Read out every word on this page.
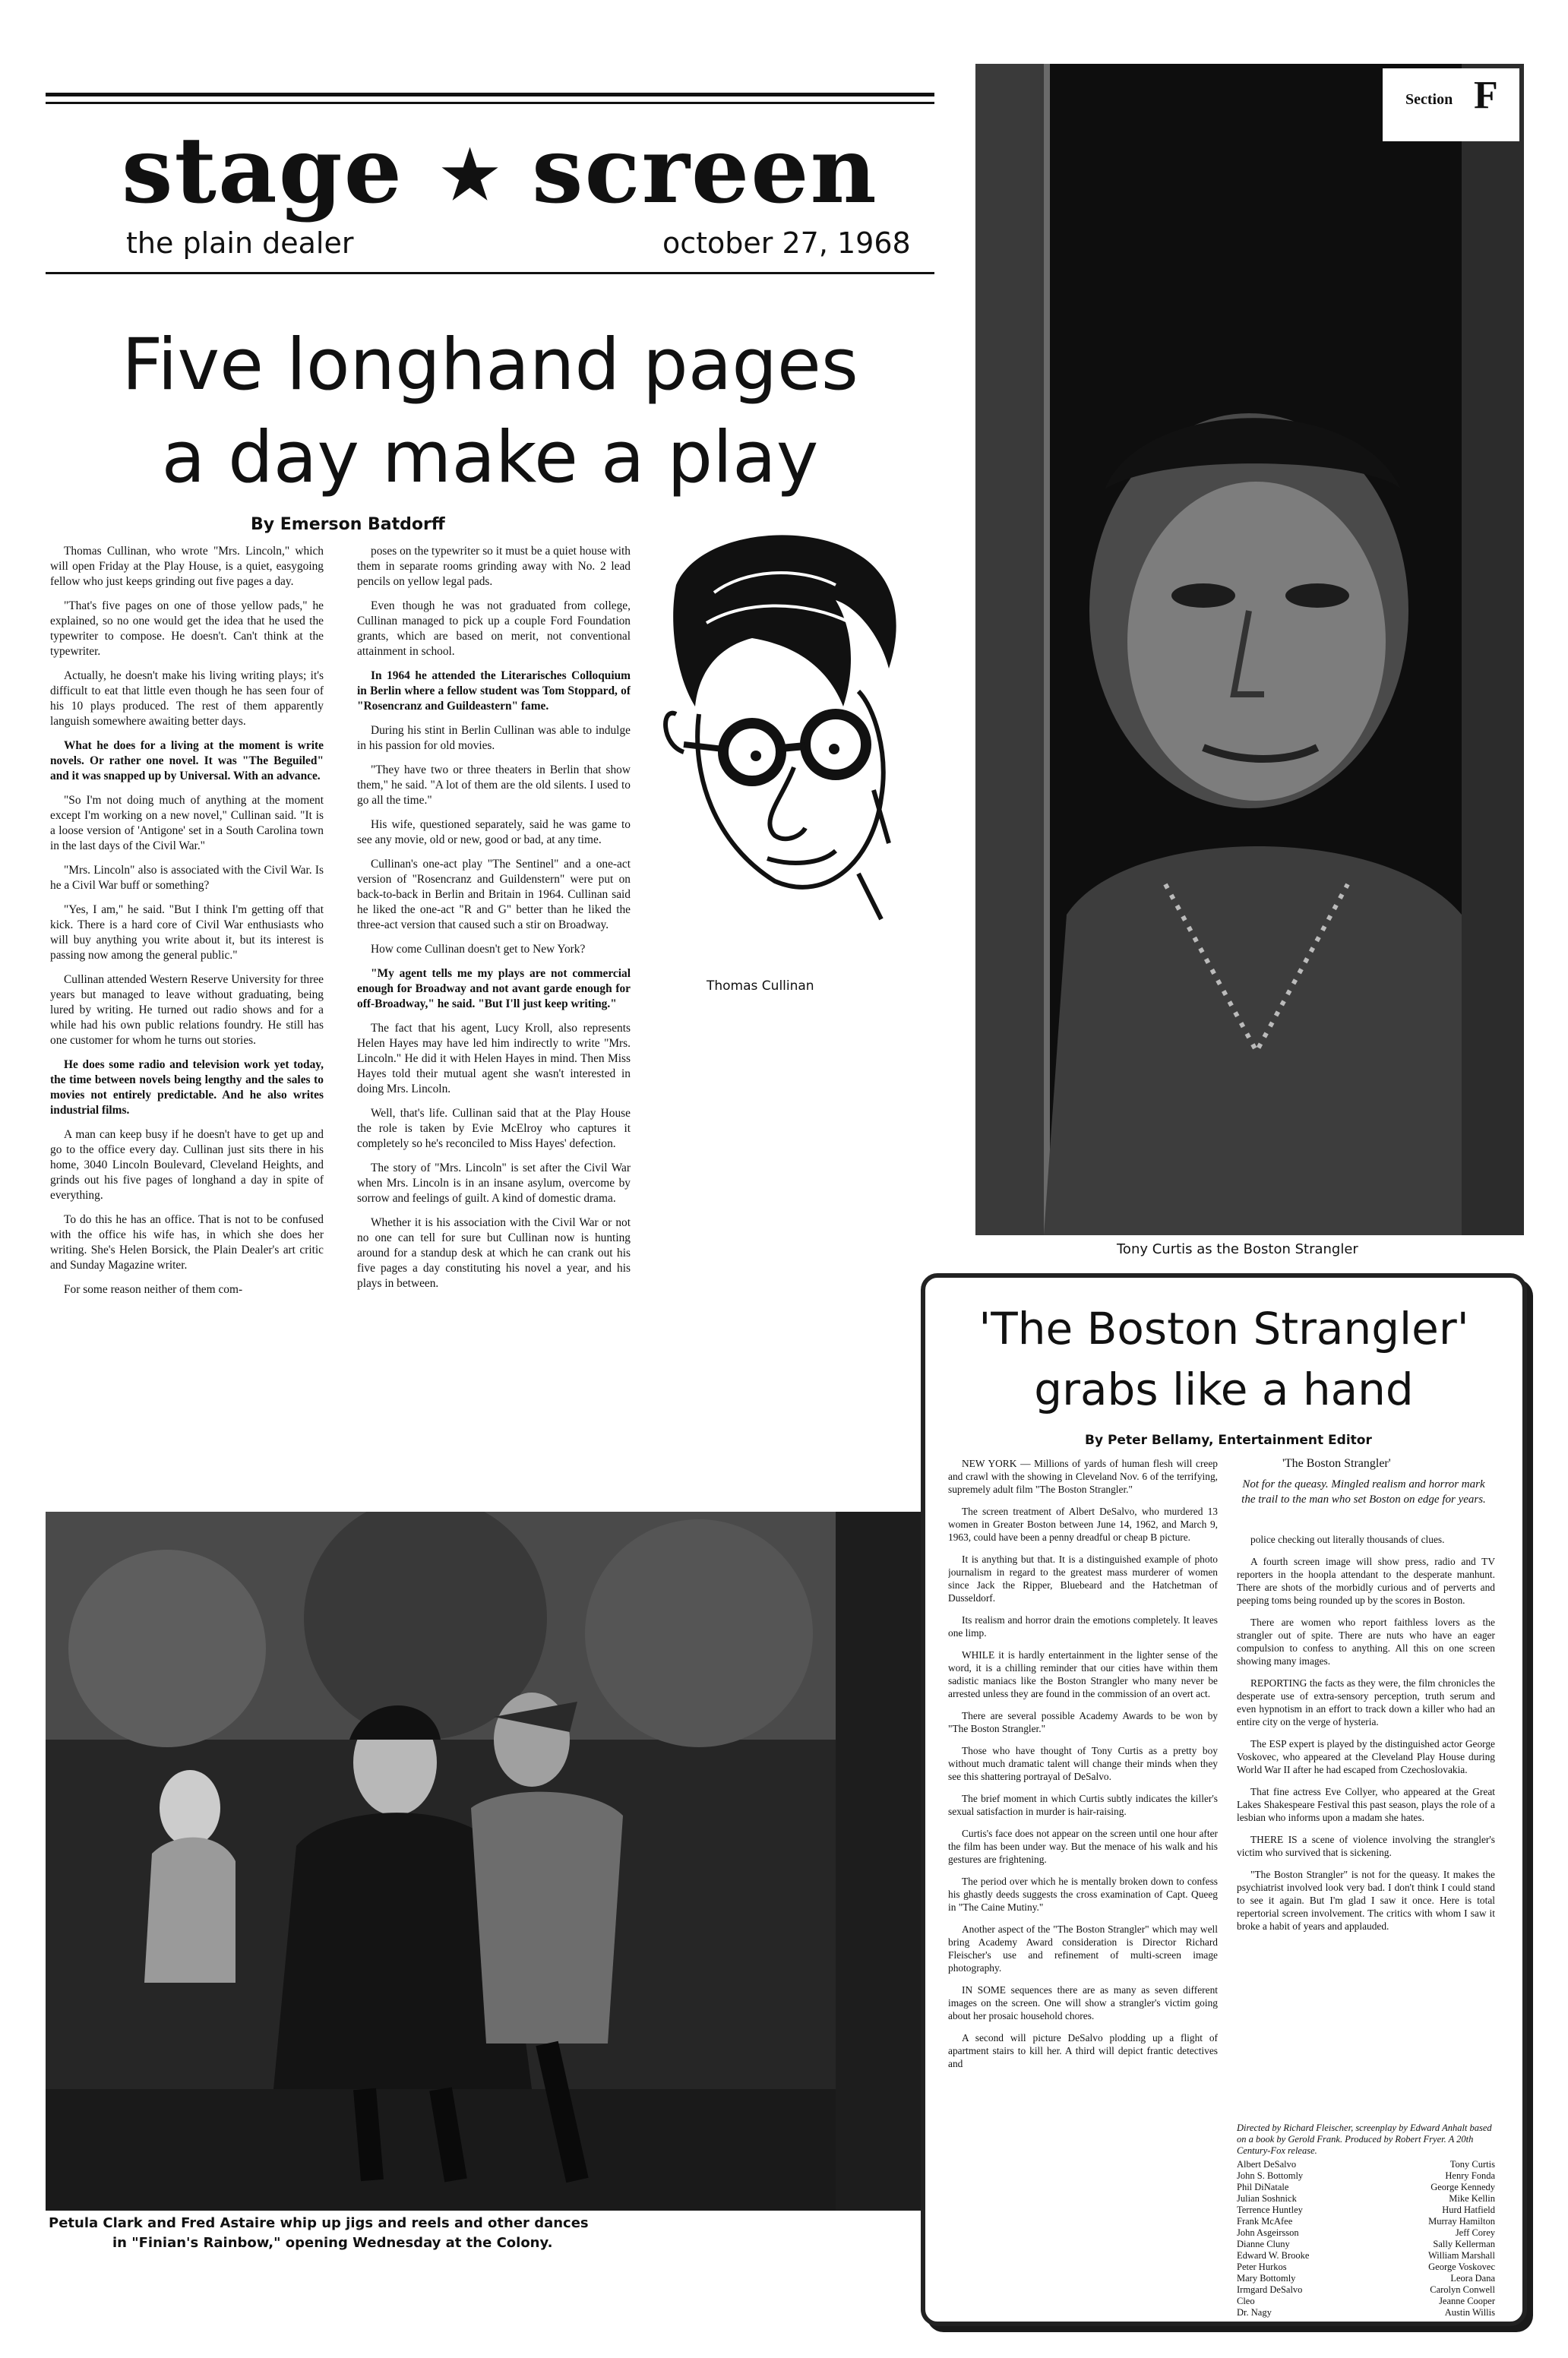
stage ★ screen
the plain dealer	october 27, 1968
Five longhand pages
a day make a play
By Emerson Batdorff

Thomas Cullinan, who wrote "Mrs. Lincoln," which will open Friday at the Play House, is a quiet, easygoing fellow who just keeps grinding out five pages a day.

"That's five pages on one of those yellow pads," he explained, so no one would get the idea that he used the typewriter to compose. He doesn't. Can't think at the typewriter.

Actually, he doesn't make his living writing plays; it's difficult to eat that little even though he has seen four of his 10 plays produced. The rest of them apparently languish somewhere awaiting better days.

What he does for a living at the moment is write novels. Or rather one novel. It was "The Beguiled" and it was snapped up by Universal. With an advance.

"So I'm not doing much of anything at the moment except I'm working on a new novel," Cullinan said. "It is a loose version of 'Antigone' set in a South Carolina town in the last days of the Civil War."

"Mrs. Lincoln" also is associated with the Civil War. Is he a Civil War buff or something?

"Yes, I am," he said. "But I think I'm getting off that kick. There is a hard core of Civil War enthusiasts who will buy anything you write about it, but its interest is passing now among the general public."

Cullinan attended Western Reserve University for three years but managed to leave without graduating, being lured by writing. He turned out radio shows and for a while had his own public relations foundry. He still has one customer for whom he turns out stories.

He does some radio and television work yet today, the time between novels being lengthy and the sales to movies not entirely predictable. And he also writes industrial films.

A man can keep busy if he doesn't have to get up and go to the office every day. Cullinan just sits there in his home, 3040 Lincoln Boulevard, Cleveland Heights, and grinds out his five pages of longhand a day in spite of everything.

To do this he has an office. That is not to be confused with the office his wife has, in which she does her writing. She's Helen Borsick, the Plain Dealer's art critic and Sunday Magazine writer.

For some reason neither of them com-

poses on the typewriter so it must be a quiet house with them in separate rooms grinding away with No. 2 lead pencils on yellow legal pads.

Even though he was not graduated from college, Cullinan managed to pick up a couple Ford Foundation grants, which are based on merit, not conventional attainment in school.

In 1964 he attended the Literarisches Colloquium in Berlin where a fellow student was Tom Stoppard, of "Rosencranz and Guildeastern" fame.

During his stint in Berlin Cullinan was able to indulge in his passion for old movies.

"They have two or three theaters in Berlin that show them," he said. "A lot of them are the old silents. I used to go all the time."

His wife, questioned separately, said he was game to see any movie, old or new, good or bad, at any time.

Cullinan's one-act play "The Sentinel" and a one-act version of "Rosencranz and Guildenstern" were put on back-to-back in Berlin and Britain in 1964. Cullinan said he liked the one-act "R and G" better than he liked the three-act version that caused such a stir on Broadway.

How come Cullinan doesn't get to New York?

"My agent tells me my plays are not commercial enough for Broadway and not avant garde enough for off-Broadway," he said. "But I'll just keep writing."

The fact that his agent, Lucy Kroll, also represents Helen Hayes may have led him indirectly to write "Mrs. Lincoln." He did it with Helen Hayes in mind. Then Miss Hayes told their mutual agent she wasn't interested in doing Mrs. Lincoln.

Well, that's life. Cullinan said that at the Play House the role is taken by Evie McElroy who captures it completely so he's reconciled to Miss Hayes' defection.

The story of "Mrs. Lincoln" is set after the Civil War when Mrs. Lincoln is in an insane asylum, overcome by sorrow and feelings of guilt. A kind of domestic drama.

Whether it is his association with the Civil War or not no one can tell for sure but Cullinan now is hunting around for a standup desk at which he can crank out his five pages a day constituting his novel a year, and his plays in between.

Thomas Cullinan
Section F
Tony Curtis as the Boston Strangler
Petula Clark and Fred Astaire whip up jigs and reels and other dances
in "Finian's Rainbow," opening Wednesday at the Colony.
'The Boston Strangler'
grabs like a hand
By Peter Bellamy, Entertainment Editor
'The Boston Strangler'
Not for the queasy. Mingled realism and horror mark the trail to the man who set Boston on edge for years.

NEW YORK — Millions of yards of human flesh will creep and crawl with the showing in Cleveland Nov. 6 of the terrifying, supremely adult film "The Boston Strangler."

The screen treatment of Albert DeSalvo, who murdered 13 women in Greater Boston between June 14, 1962, and March 9, 1963, could have been a penny dreadful or cheap B picture.

It is anything but that. It is a distinguished example of photo journalism in regard to the greatest mass murderer of women since Jack the Ripper, Bluebeard and the Hatchetman of Dusseldorf.

Its realism and horror drain the emotions completely. It leaves one limp.

WHILE it is hardly entertainment in the lighter sense of the word, it is a chilling reminder that our cities have within them sadistic maniacs like the Boston Strangler who many never be arrested unless they are found in the commission of an overt act.

There are several possible Academy Awards to be won by "The Boston Strangler."

Those who have thought of Tony Curtis as a pretty boy without much dramatic talent will change their minds when they see this shattering portrayal of DeSalvo.

The brief moment in which Curtis subtly indicates the killer's sexual satisfaction in murder is hair-raising.

Curtis's face does not appear on the screen until one hour after the film has been under way. But the menace of his walk and his gestures are frightening.

The period over which he is mentally broken down to confess his ghastly deeds suggests the cross examination of Capt. Queeg in "The Caine Mutiny."

Another aspect of the "The Boston Strangler" which may well bring Academy Award consideration is Director Richard Fleischer's use and refinement of multi-screen image photography.

IN SOME sequences there are as many as seven different images on the screen. One will show a strangler's victim going about her prosaic household chores.

A second will picture DeSalvo plodding up a flight of apartment stairs to kill her. A third will depict frantic detectives and

police checking out literally thousands of clues.

A fourth screen image will show press, radio and TV reporters in the hoopla attendant to the desperate manhunt. There are shots of the morbidly curious and of perverts and peeping toms being rounded up by the scores in Boston.

There are women who report faithless lovers as the strangler out of spite. There are nuts who have an eager compulsion to confess to anything. All this on one screen showing many images.

REPORTING the facts as they were, the film chronicles the desperate use of extra-sensory perception, truth serum and even hypnotism in an effort to track down a killer who had an entire city on the verge of hysteria.

The ESP expert is played by the distinguished actor George Voskovec, who appeared at the Cleveland Play House during World War II after he had escaped from Czechoslovakia.

That fine actress Eve Collyer, who appeared at the Great Lakes Shakespeare Festival this past season, plays the role of a lesbian who informs upon a madam she hates.

THERE IS a scene of violence involving the strangler's victim who survived that is sickening.

"The Boston Strangler" is not for the queasy. It makes the psychiatrist involved look very bad. I don't think I could stand to see it again. But I'm glad I saw it once. Here is total repertorial screen involvement. The critics with whom I saw it broke a habit of years and applauded.

Directed by Richard Fleischer, screenplay by Edward Anhalt based on a book by Gerold Frank. Produced by Robert Fryer. A 20th Century-Fox release.
Albert DeSalvo	Tony Curtis
John S. Bottomly	Henry Fonda
Phil DiNatale	George Kennedy
Julian Soshnick	Mike Kellin
Terrence Huntley	Hurd Hatfield
Frank McAfee	Murray Hamilton
John Asgeirsson	Jeff Corey
Dianne Cluny	Sally Kellerman
Edward W. Brooke	William Marshall
Peter Hurkos	George Voskovec
Mary Bottomly	Leora Dana
Irmgard DeSalvo	Carolyn Conwell
Cleo	Jeanne Cooper
Dr. Nagy	Austin Willis
